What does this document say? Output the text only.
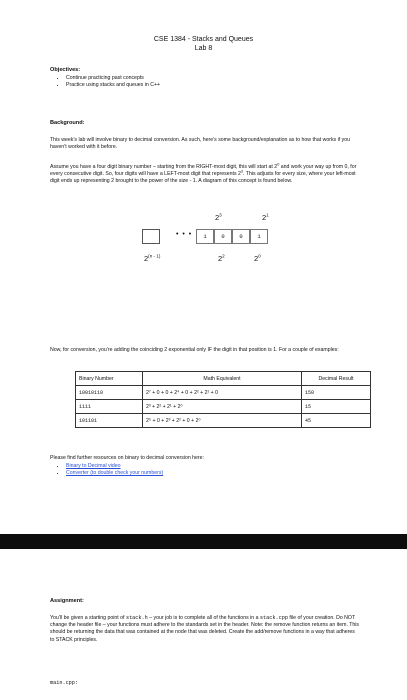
CSE 1384 - Stacks and Queues
Lab 8
Objectives:
• Continue practicing past concepts
• Practice using stacks and queues in C++
Background:
This week’s lab will involve binary to decimal conversion. As such, here’s some background/explanation as to how that works if you haven’t worked with it before.
Assume you have a four digit binary number – starting from the RIGHT-most digit, this will start at $2^0$ and work your way up from 0, for every consecutive digit. So, four digits will have a LEFT-most digit that represents $2^3$. This adjusts for every size, where your left-most digit ends up representing 2 brought to the power of the size - 1. A diagram of this concept is found below.
$2^3$	$2^1$
• • •	1	0	0	1
2$^{(n - 1)}$	$2^2$	$2^0$
Now, for conversion, you’re adding the coinciding 2 exponential only IF the digit in that position is 1. For a couple of examples:
Binary Number	Math Equivalent	Decimal Result
10010110	2⁷ + 0 + 0 + 2⁴ + 0 + 2² + 2¹ + 0	150
1111	2³ + 2² + 2¹ + 2⁰	15
101101	2⁵ + 0 + 2³ + 2² + 0 + 2⁰	45
Please find further resources on binary to decimal conversion here:
• Binary to Decimal video
• Converter (to double check your numbers)
Assignment:
You’ll be given a starting point of stack.h – your job is to complete all of the functions in a stack.cpp file of your creation. Do NOT change the header file – your functions must adhere to the standards set in the header. Note: the remove function returns an item. This should be returning the data that was contained at the node that was deleted. Create the add/remove functions in a way that adheres to STACK principles.
main.cpp:
